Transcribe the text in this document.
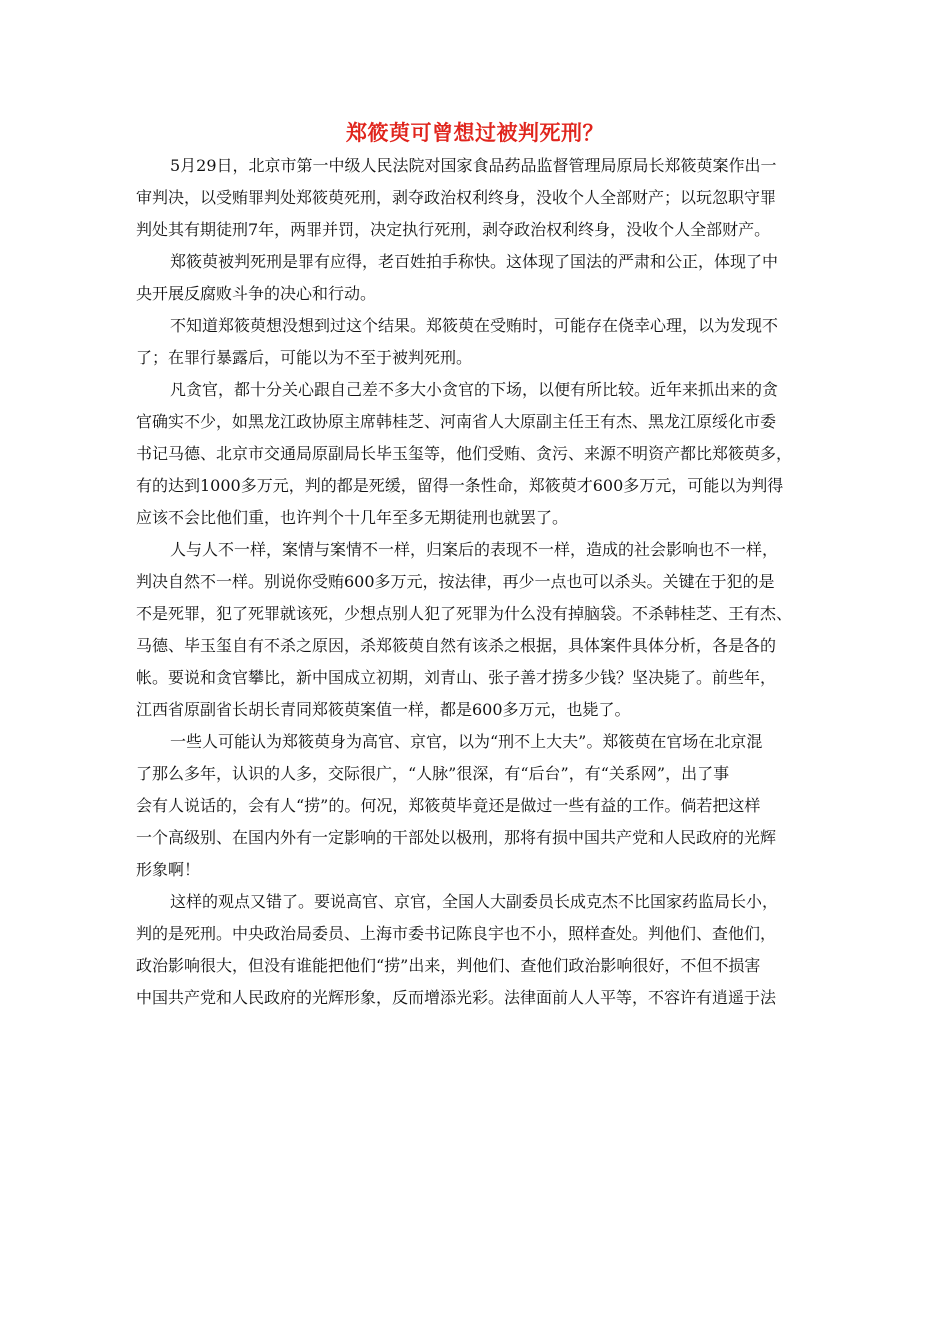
郑筱萸可曾想过被判死刑？
5月29日，北京市第一中级人民法院对国家食品药品监督管理局原局长郑筱萸案作出一
审判决，以受贿罪判处郑筱萸死刑，剥夺政治权利终身，没收个人全部财产；以玩忽职守罪
判处其有期徒刑7年，两罪并罚，决定执行死刑，剥夺政治权利终身，没收个人全部财产。
郑筱萸被判死刑是罪有应得，老百姓拍手称快。这体现了国法的严肃和公正，体现了中
央开展反腐败斗争的决心和行动。
不知道郑筱萸想没想到过这个结果。郑筱萸在受贿时，可能存在侥幸心理，以为发现不
了；在罪行暴露后，可能以为不至于被判死刑。
凡贪官，都十分关心跟自己差不多大小贪官的下场，以便有所比较。近年来抓出来的贪
官确实不少，如黑龙江政协原主席韩桂芝、河南省人大原副主任王有杰、黑龙江原绥化市委
书记马德、北京市交通局原副局长毕玉玺等，他们受贿、贪污、来源不明资产都比郑筱萸多，
有的达到1000多万元，判的都是死缓，留得一条性命，郑筱萸才600多万元，可能以为判得
应该不会比他们重，也许判个十几年至多无期徒刑也就罢了。
人与人不一样，案情与案情不一样，归案后的表现不一样，造成的社会影响也不一样，
判决自然不一样。别说你受贿600多万元，按法律，再少一点也可以杀头。关键在于犯的是
不是死罪，犯了死罪就该死，少想点别人犯了死罪为什么没有掉脑袋。不杀韩桂芝、王有杰、
马德、毕玉玺自有不杀之原因，杀郑筱萸自然有该杀之根据，具体案件具体分析，各是各的
帐。要说和贪官攀比，新中国成立初期，刘青山、张子善才捞多少钱？坚决毙了。前些年，
江西省原副省长胡长青同郑筱萸案值一样，都是600多万元，也毙了。
一些人可能认为郑筱萸身为高官、京官，以为“刑不上大夫”。郑筱萸在官场在北京混
了那么多年，认识的人多，交际很广，“人脉”很深，有“后台”，有“关系网”，出了事
会有人说话的，会有人“捞”的。何况，郑筱萸毕竟还是做过一些有益的工作。倘若把这样
一个高级别、在国内外有一定影响的干部处以极刑，那将有损中国共产党和人民政府的光辉
形象啊！
这样的观点又错了。要说高官、京官，全国人大副委员长成克杰不比国家药监局长小，
判的是死刑。中央政治局委员、上海市委书记陈良宇也不小，照样查处。判他们、查他们，
政治影响很大，但没有谁能把他们“捞”出来，判他们、查他们政治影响很好，不但不损害
中国共产党和人民政府的光辉形象，反而增添光彩。法律面前人人平等，不容许有逍遥于法
